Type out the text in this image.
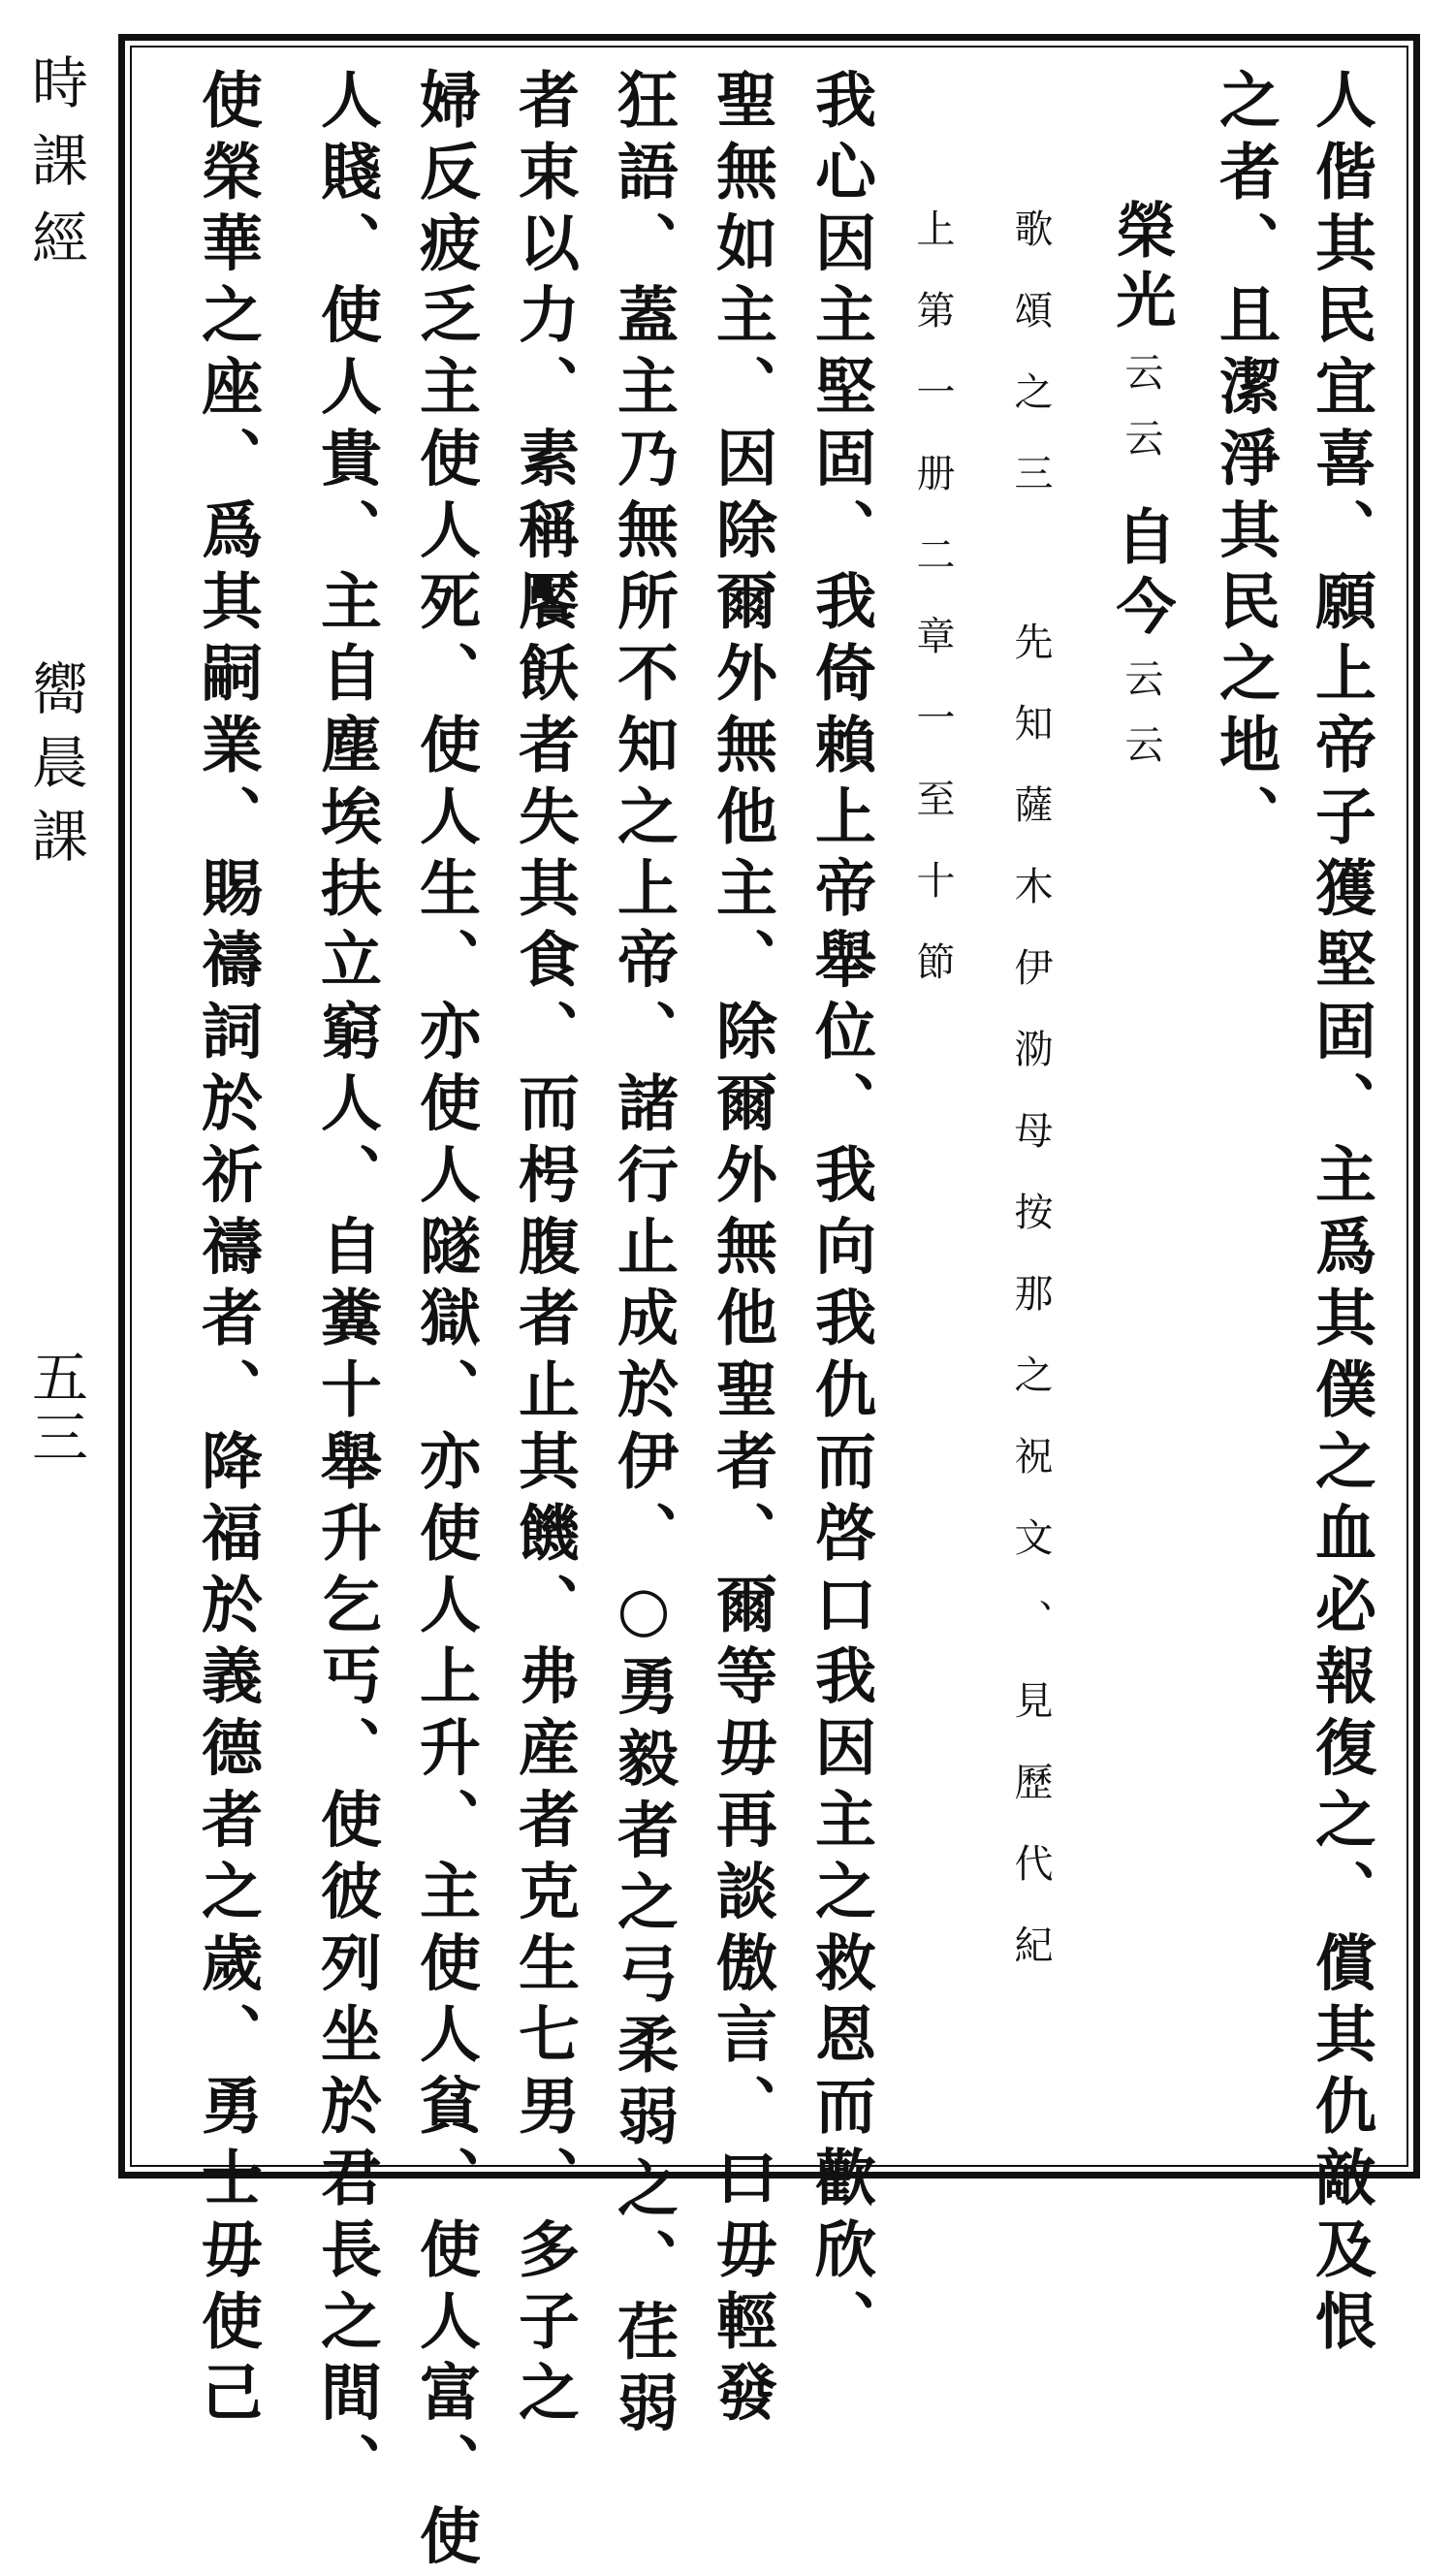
時課經
嚮晨課
五三	人偕其民宜喜、願上帝子獲堅固、主爲其僕之血必報復之、償其仇敵及恨
之者、且潔淨其民之地、
榮光云云自今云云
歌頌之三 先知薩木伊泐母按那之祝文、見歷代紀
上第一册二章一至十節
我心因主堅固、我倚賴上帝舉位、我向我仇而啓口我因主之救恩而歡欣、
聖無如主、因除爾外無他主、除爾外無他聖者、爾等毋再談傲言、口毋輕發
狂語、蓋主乃無所不知之上帝、諸行止成於伊、○勇毅者之弓柔弱之、荏弱
者束以力、素稱饜飫者失其食、而枵腹者止其饑、弗産者克生七男、多子之
婦反疲乏主使人死、使人生、亦使人隧獄、亦使人上升、主使人貧、使人富、使
人賤、使人貴、主自塵埃扶立窮人、自糞十舉升乞丐、使彼列坐於君長之間、
使榮華之座、爲其嗣業、賜禱詞於祈禱者、降福於義德者之歲、勇士毋使己
